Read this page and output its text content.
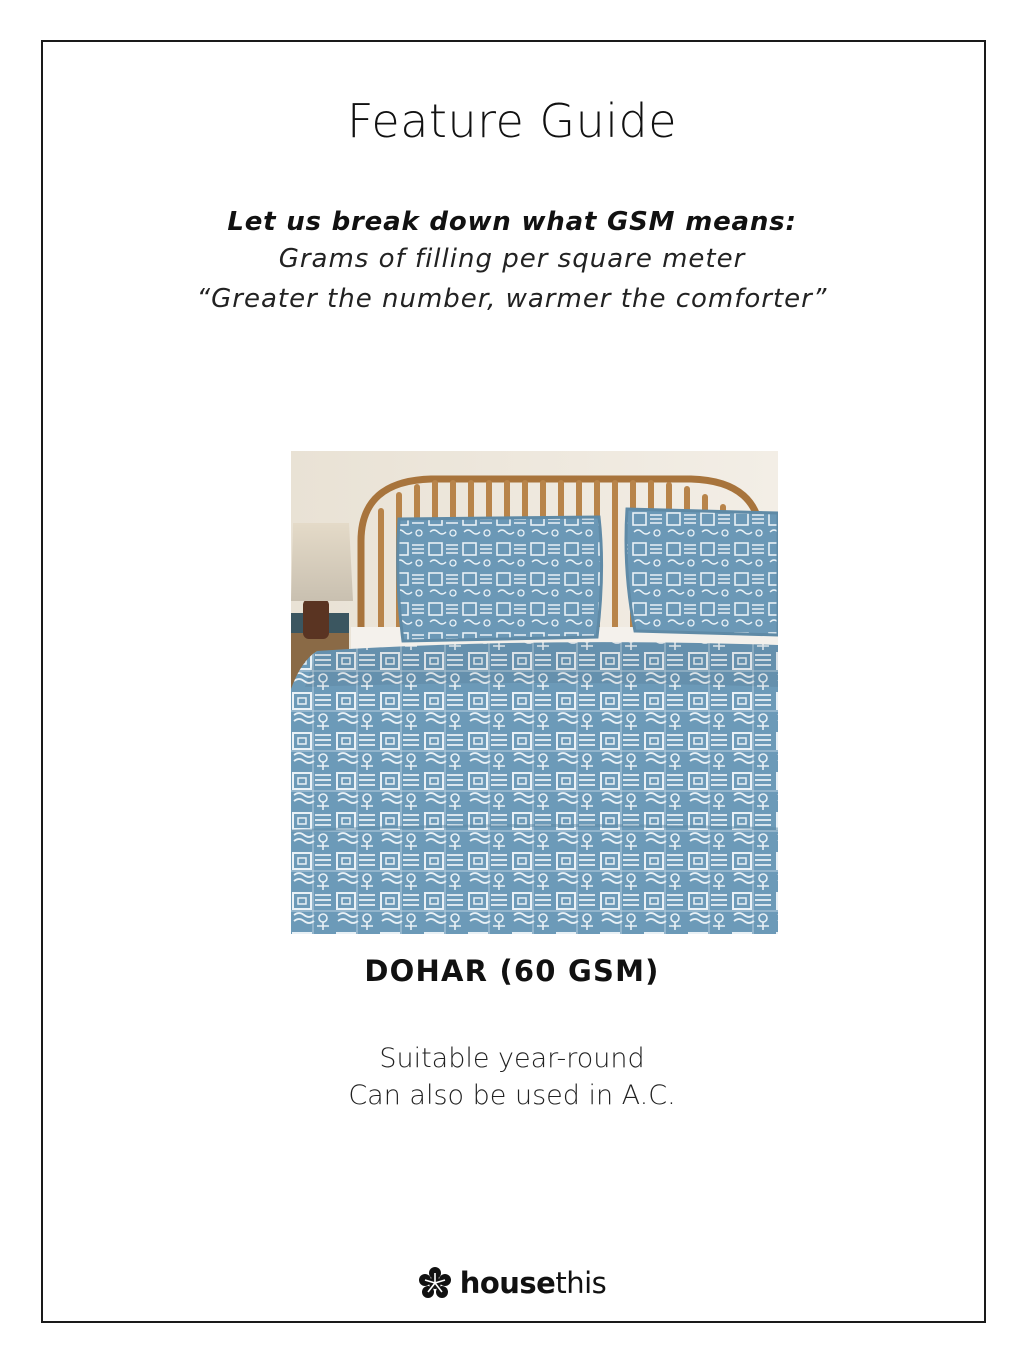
Feature Guide
Let us break down what GSM means:
Grams of filling per square meter
“Greater the number, warmer the comforter”
DOHAR (60 GSM)
Suitable year-round
Can also be used in A.C.
housethis
